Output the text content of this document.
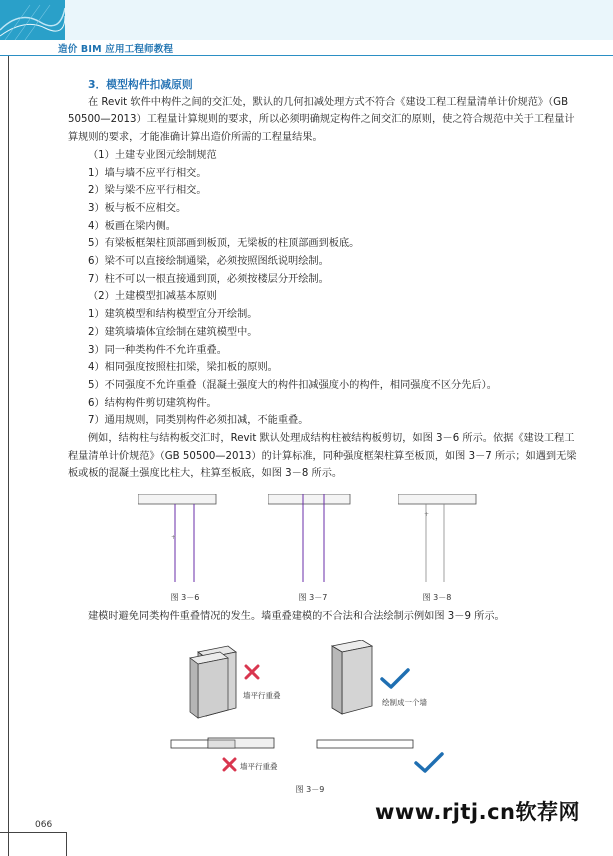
造价 BIM 应用工程师教程

3．模型构件扣减原则

在 Revit 软件中构件之间的交汇处，默认的几何扣减处理方式不符合《建设工程工程量清单计价规范》（GB 50500—2013）工程量计算规则的要求，所以必须明确规定构件之间交汇的原则，使之符合规范中关于工程量计算规则的要求，才能准确计算出造价所需的工程量结果。

（1）土建专业图元绘制规范

1）墙与墙不应平行相交。

2）梁与梁不应平行相交。

3）板与板不应相交。

4）板画在梁内侧。

5）有梁板框架柱顶部画到板顶，无梁板的柱顶部画到板底。

6）梁不可以直接绘制通梁，必须按照图纸说明绘制。

7）柱不可以一根直接通到顶，必须按楼层分开绘制。

（2）土建模型扣减基本原则

1）建筑模型和结构模型宜分开绘制。

2）建筑墙墙体宜绘制在建筑模型中。

3）同一种类构件不允许重叠。

4）相同强度按照柱扣梁，梁扣板的原则。

5）不同强度不允许重叠（混凝土强度大的构件扣减强度小的构件，相同强度不区分先后）。

6）结构构件剪切建筑构件。

7）通用规则，同类别构件必须扣减，不能重叠。

例如，结构柱与结构板交汇时，Revit 默认处理成结构柱被结构板剪切，如图 3－6 所示。依据《建设工程工程量清单计价规范》（GB 50500—2013）的计算标准，同种强度框架柱算至板顶，如图 3－7 所示；如遇到无梁板或板的混凝土强度比柱大，柱算至板底，如图 3－8 所示。

+
图 3－6	图 3－7
+
图 3－8
建模时避免同类构件重叠情况的发生。墙重叠建模的不合法和合法绘制示例如图 3－9 所示。
墙平行重叠
绘制成一个墙
墙平行重叠
图 3－9
066
www.rjtj.cn软荐网
